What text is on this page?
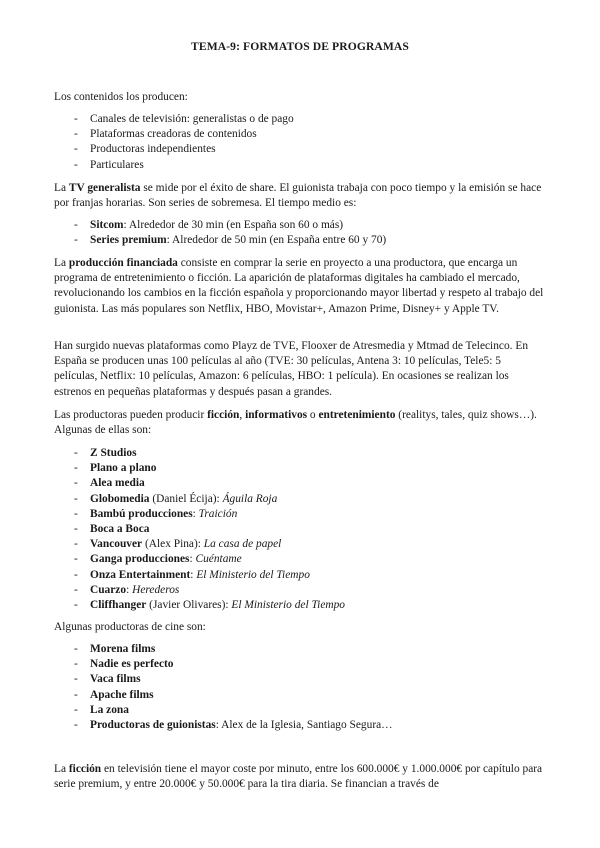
TEMA-9: FORMATOS DE PROGRAMAS

Los contenidos los producen:

- Canales de televisión: generalistas o de pago
- Plataformas creadoras de contenidos
- Productoras independientes
- Particulares

La TV generalista se mide por el éxito de share. El guionista trabaja con poco tiempo y la emisión se hace por franjas horarias. Son series de sobremesa. El tiempo medio es:

- Sitcom: Alrededor de 30 min (en España son 60 o más)
- Series premium: Alrededor de 50 min (en España entre 60 y 70)

La producción financiada consiste en comprar la serie en proyecto a una productora, que encarga un programa de entretenimiento o ficción. La aparición de plataformas digitales ha cambiado el mercado, revolucionando los cambios en la ficción española y proporcionando mayor libertad y respeto al trabajo del guionista. Las más populares son Netflix, HBO, Movistar+, Amazon Prime, Disney+ y Apple TV.

Han surgido nuevas plataformas como Playz de TVE, Flooxer de Atresmedia y Mtmad de Telecinco. En España se producen unas 100 películas al año (TVE: 30 películas, Antena 3: 10 películas, Tele5: 5 películas, Netflix: 10 películas, Amazon: 6 películas, HBO: 1 película). En ocasiones se realizan los estrenos en pequeñas plataformas y después pasan a grandes.

Las productoras pueden producir ficción, informativos o entretenimiento (realitys, tales, quiz shows…). Algunas de ellas son:

- Z Studios
- Plano a plano
- Alea media
- Globomedia (Daniel Écija): Águila Roja
- Bambú producciones: Traición
- Boca a Boca
- Vancouver (Alex Pina): La casa de papel
- Ganga producciones: Cuéntame
- Onza Entertainment: El Ministerio del Tiempo
- Cuarzo: Herederos
- Cliffhanger (Javier Olivares): El Ministerio del Tiempo

Algunas productoras de cine son:

- Morena films
- Nadie es perfecto
- Vaca films
- Apache films
- La zona
- Productoras de guionistas: Alex de la Iglesia, Santiago Segura…

La ficción en televisión tiene el mayor coste por minuto, entre los 600.000€ y 1.000.000€ por capítulo para serie premium, y entre 20.000€ y 50.000€ para la tira diaria. Se financian a través de
